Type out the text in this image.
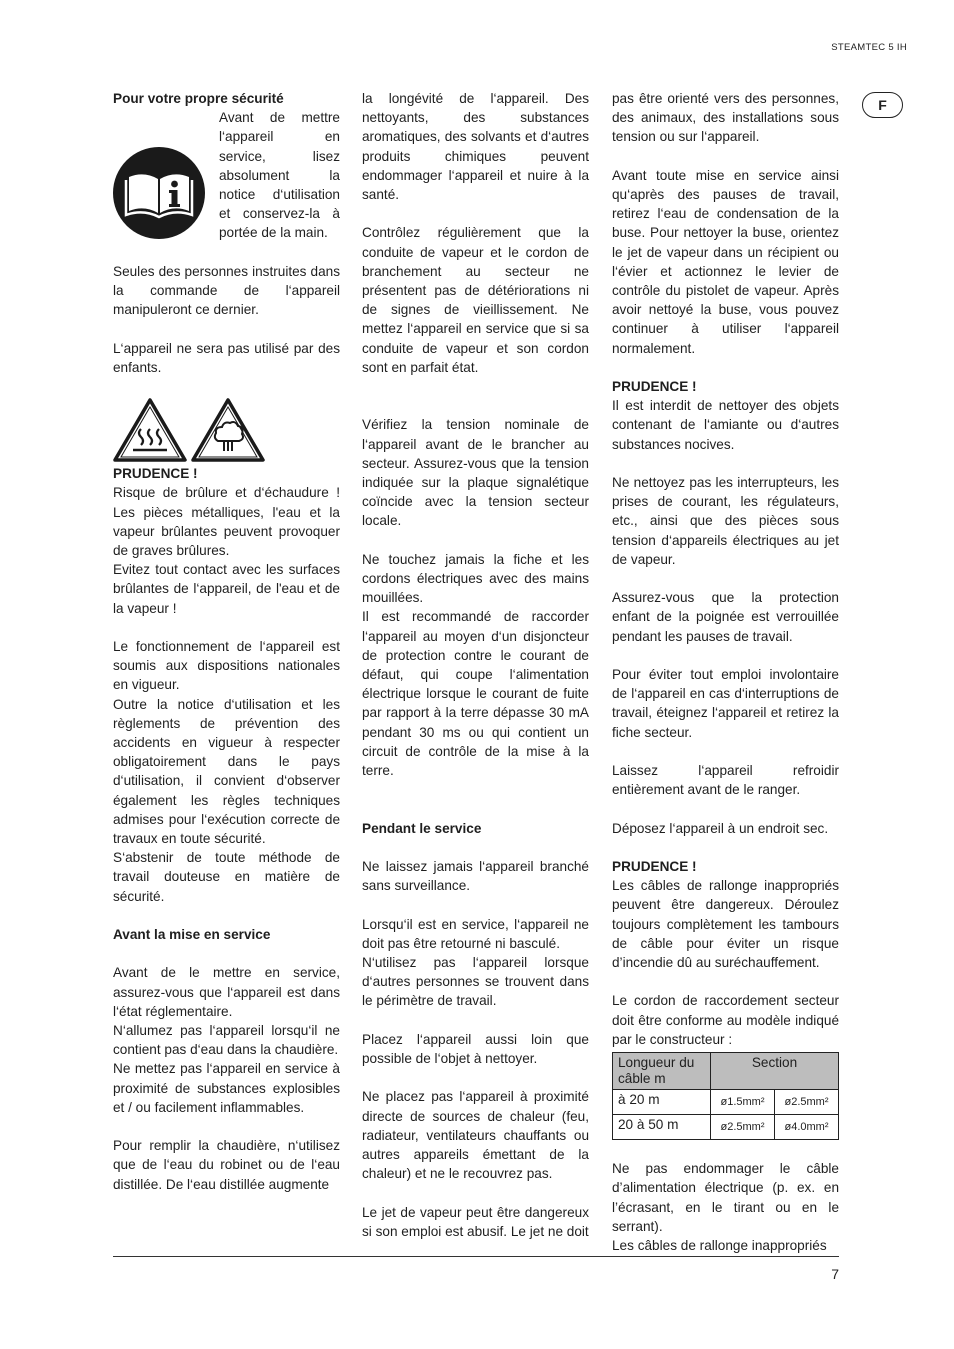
STEAMTEC 5 IH
F

Pour votre propre sécurité

Avant de mettre l‘appareil en service, lisez absolument la notice d‘utilisation et conservez-la à portée de la main.

Seules des personnes instruites dans la commande de l‘appareil manipuleront ce dernier.

L‘appareil ne sera pas utilisé par des enfants.

PRUDENCE !

Risque de brûlure et d‘échaudure ! Les pièces métalliques, l'eau et la vapeur brûlantes peuvent provoquer de graves brûlures.

Evitez tout contact avec les surfaces brûlantes de l‘appareil, de l'eau et de la vapeur !

Le fonctionnement de l‘appareil est soumis aux dispositions nationales en vigueur.

Outre la notice d‘utilisation et les règlements de prévention des accidents en vigueur à respecter obligatoirement dans le pays d‘utilisation, il convient d‘observer également les règles techniques admises pour l‘exécution correcte de travaux en toute sécurité.

S‘abstenir de toute méthode de travail douteuse en matière de sécurité.

Avant la mise en service

Avant de le mettre en service, assurez-vous que l‘appareil est dans l‘état réglementaire.

N‘allumez pas l‘appareil lorsqu‘il ne contient pas d‘eau dans la chaudière.

Ne mettez pas l‘appareil en service à proximité de substances explosibles et / ou facilement inflammables.

Pour remplir la chaudière, n‘utilisez que de l‘eau du robinet ou de l‘eau distillée. De l‘eau distillée augmente

la longévité de l‘appareil. Des nettoyants, des substances aromatiques, des solvants et d‘autres produits chimiques peuvent endommager l‘appareil et nuire à la santé.

Contrôlez régulièrement que la conduite de vapeur et le cordon de branchement au secteur ne présentent pas de détériorations ni de signes de vieillissement. Ne mettez l‘appareil en service que si sa conduite de vapeur et son cordon sont en parfait état.

Vérifiez la tension nominale de l‘appareil avant de le brancher au secteur. Assurez-vous que la tension indiquée sur la plaque signalétique coïncide avec la tension secteur locale.

Ne touchez jamais la fiche et les cordons électriques avec des mains mouillées.

Il est recommandé de raccorder l‘appareil au moyen d‘un disjoncteur de protection contre le courant de défaut, qui coupe l‘alimentation électrique lorsque le courant de fuite par rapport à la terre dépasse 30 mA pendant 30 ms ou qui contient un circuit de contrôle de la mise à la terre.

Pendant le service

Ne laissez jamais l‘appareil branché sans surveillance.

Lorsqu‘il est en service, l‘appareil ne doit pas être retourné ni basculé.

N‘utilisez pas l‘appareil lorsque d‘autres personnes se trouvent dans le périmètre de travail.

Placez l‘appareil aussi loin que possible de l‘objet à nettoyer.

Ne placez pas l‘appareil à proximité directe de sources de chaleur (feu, radiateur, ventilateurs chauffants ou autres appareils émettant de la chaleur) et ne le recouvrez pas.

Le jet de vapeur peut être dangereux si son emploi est abusif. Le jet ne doit

pas être orienté vers des personnes, des animaux, des installations sous tension ou sur l‘appareil.

Avant toute mise en service ainsi qu‘après des pauses de travail, retirez l‘eau de condensation de la buse. Pour nettoyer la buse, orientez le jet de vapeur dans un récipient ou l‘évier et actionnez le levier de contrôle du pistolet de vapeur. Après avoir nettoyé la buse, vous pouvez continuer à utiliser l‘appareil normalement.

PRUDENCE !

Il est interdit de nettoyer des objets contenant de l‘amiante ou d‘autres substances nocives.

Ne nettoyez pas les interrupteurs, les prises de courant, les régulateurs, etc., ainsi que des pièces sous tension d‘appareils électriques au jet de vapeur.

Assurez-vous que la protection enfant de la poignée est verrouillée pendant les pauses de travail.

Pour éviter tout emploi involontaire de l‘appareil en cas d‘interruptions de travail, éteignez l‘appareil et retirez la fiche secteur.

Laissez l‘appareil refroidir entièrement avant de le ranger.

Déposez l‘appareil à un endroit sec.

PRUDENCE !

Les câbles de rallonge inappropriés peuvent être dangereux. Déroulez toujours complètement les tambours de câble pour éviter un risque d’incendie dû au suréchauffement.

Le cordon de raccordement secteur doit être conforme au modèle indiqué par le constructeur :

Longueur du câble m	Section	
à 20 m	ø1.5mm²	ø2.5mm²
20 à 50 m	ø2.5mm²	ø4.0mm²

Ne pas endommager le câble d’alimentation électrique (p. ex. en l’écrasant, en le tirant ou en le serrant).

Les câbles de rallonge inappropriés

7
